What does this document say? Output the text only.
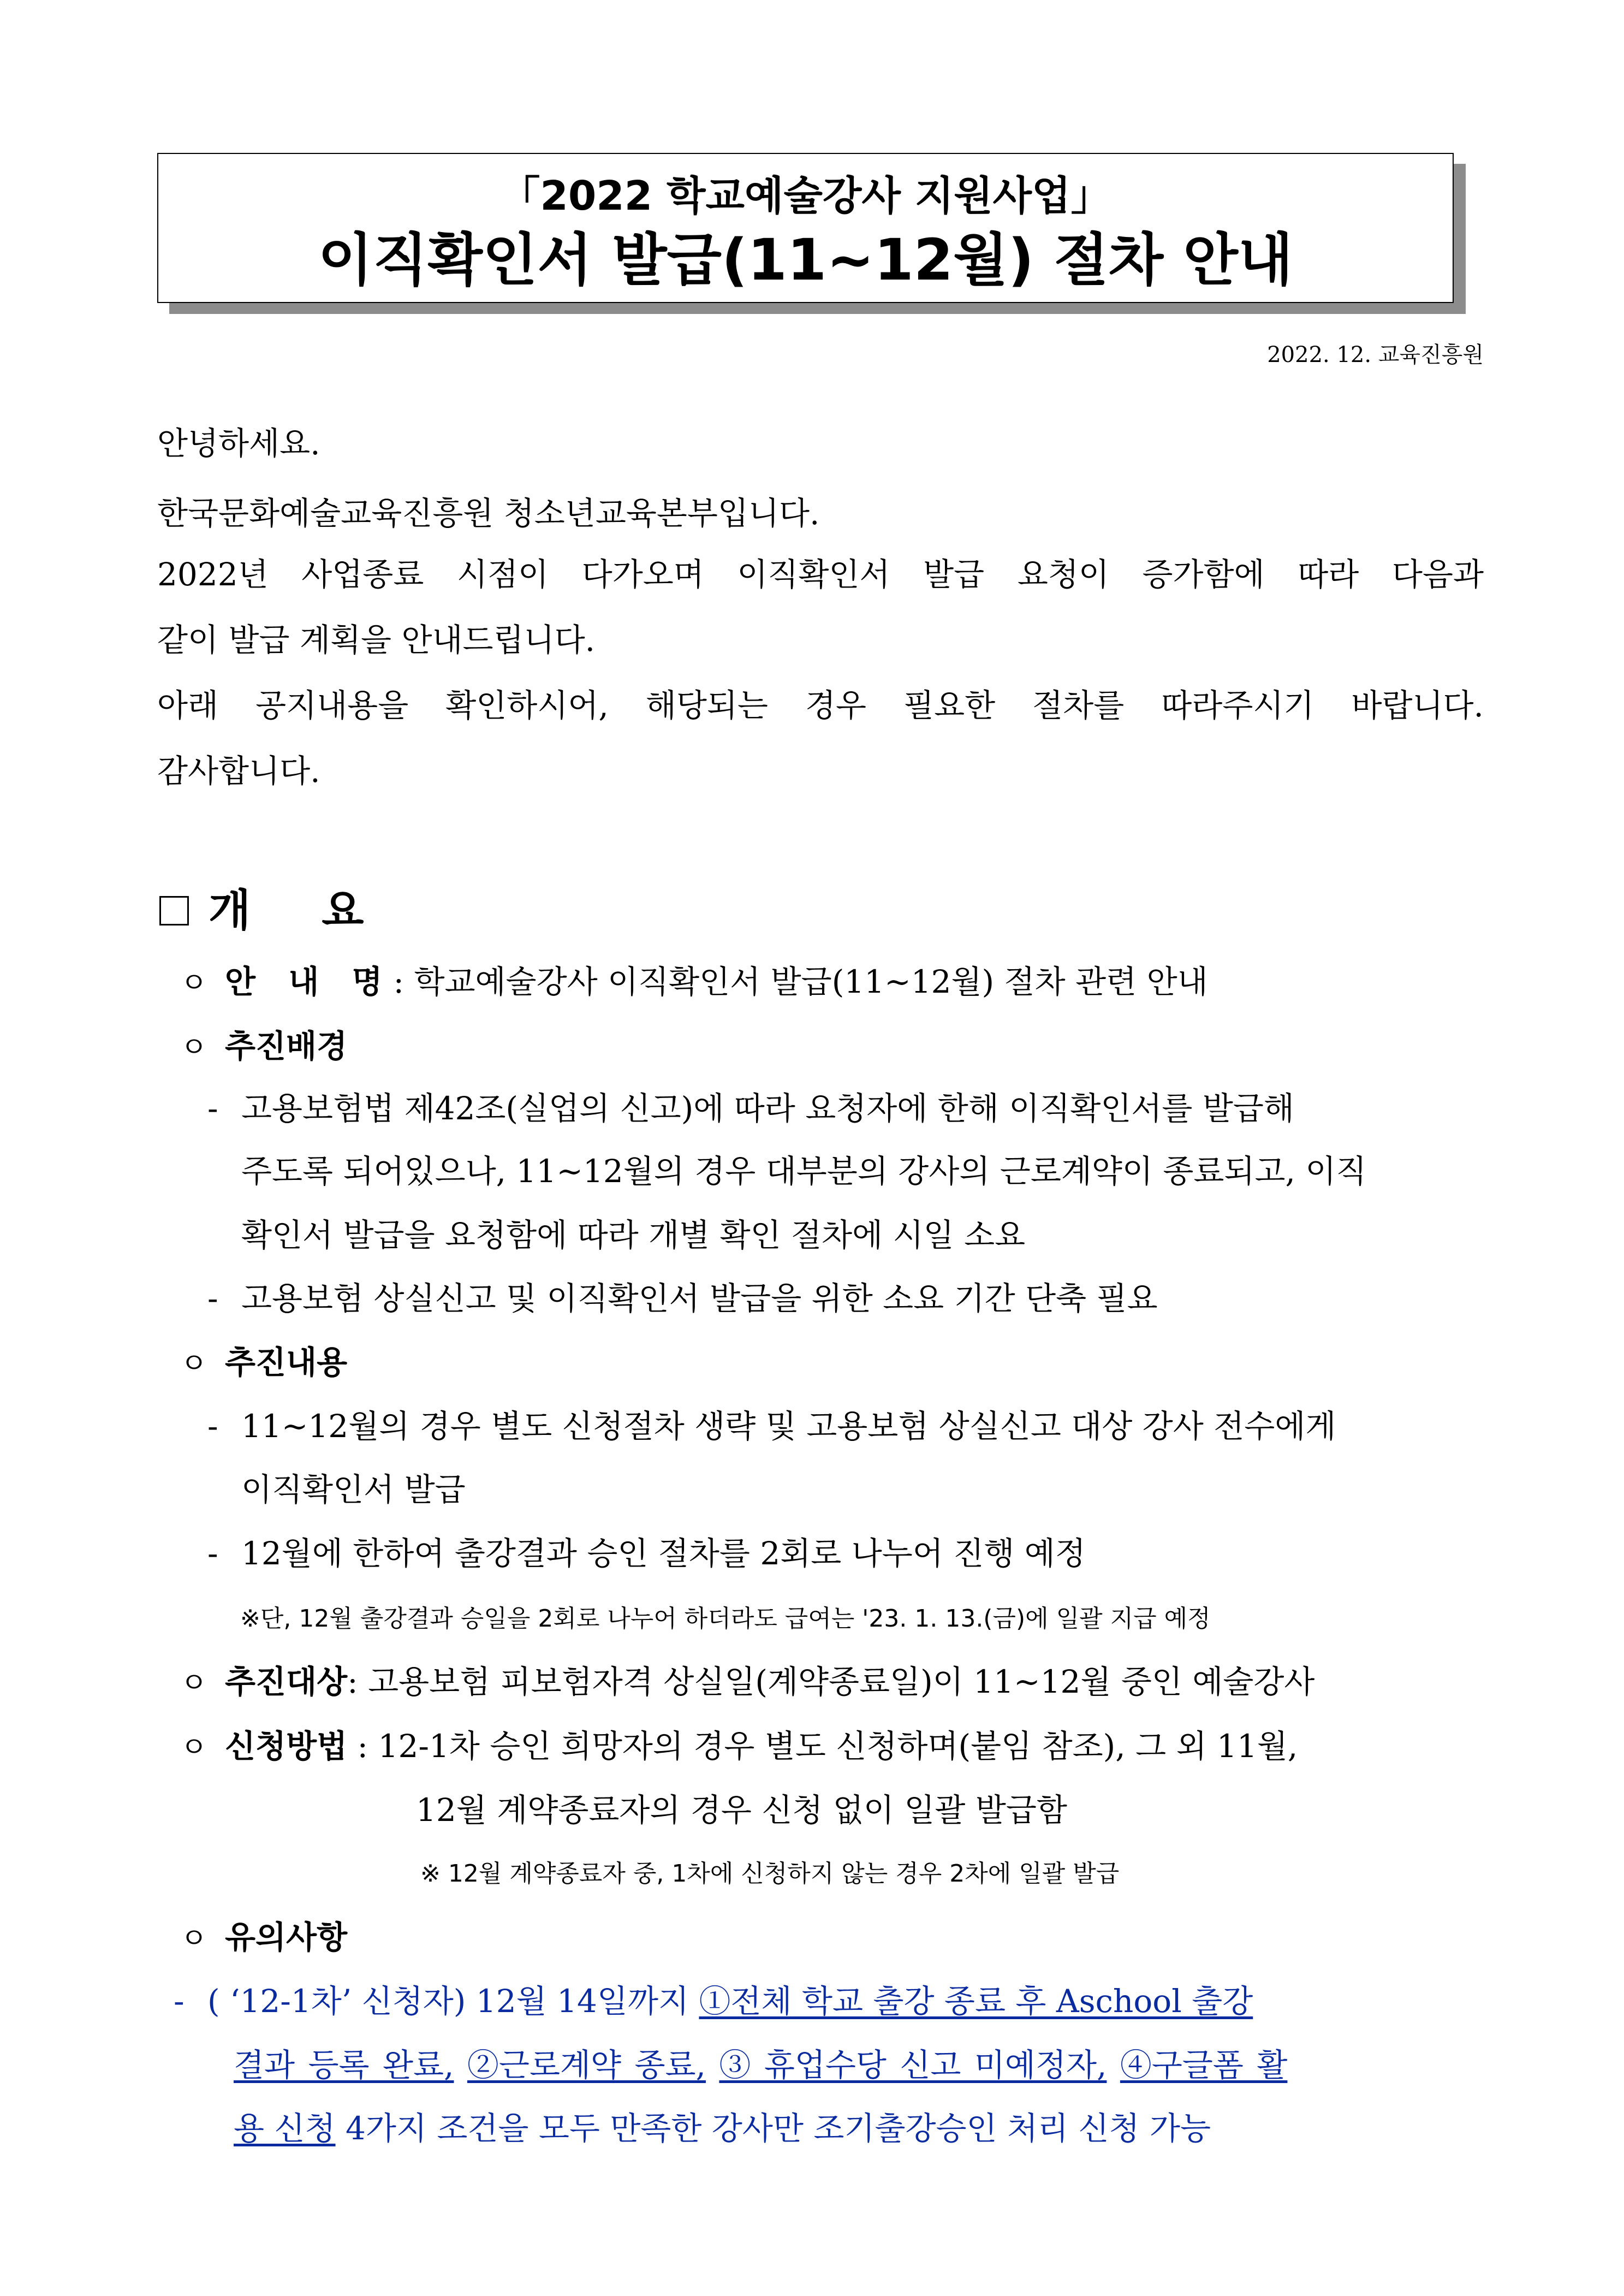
「2022 학교예술강사 지원사업」
이직확인서 발급(11~12월) 절차 안내
2022. 12. 교육진흥원

안녕하세요.

한국문화예술교육진흥원 청소년교육본부입니다.

2022년 사업종료 시점이 다가오며 이직확인서 발급 요청이 증가함에 따라 다음과

같이 발급 계획을 안내드립니다.

아래 공지내용을 확인하시어, 해당되는 경우 필요한 절차를 따라주시기 바랍니다.

감사합니다.

개 요
ㅇ 안 내 명: 학교예술강사 이직확인서 발급(11~12월) 절차 관련 안내
ㅇ 추진배경
- 고용보험법 제42조(실업의 신고)에 따라 요청자에 한해 이직확인서를 발급해
주도록 되어있으나, 11~12월의 경우 대부분의 강사의 근로계약이 종료되고, 이직
확인서 발급을 요청함에 따라 개별 확인 절차에 시일 소요
- 고용보험 상실신고 및 이직확인서 발급을 위한 소요 기간 단축 필요
ㅇ 추진내용
- 11~12월의 경우 별도 신청절차 생략 및 고용보험 상실신고 대상 강사 전수에게
이직확인서 발급
- 12월에 한하여 출강결과 승인 절차를 2회로 나누어 진행 예정
※단, 12월 출강결과 승일을 2회로 나누어 하더라도 급여는 '23. 1. 13.(금)에 일괄 지급 예정
ㅇ 추진대상: 고용보험 피보험자격 상실일(계약종료일)이 11~12월 중인 예술강사
ㅇ 신청방법 : 12-1차 승인 희망자의 경우 별도 신청하며(붙임 참조), 그 외 11월,
12월 계약종료자의 경우 신청 없이 일괄 발급함
※ 12월 계약종료자 중, 1차에 신청하지 않는 경우 2차에 일괄 발급
ㅇ 유의사항
- ( ‘12-1차’ 신청자) 12월 14일까지 ①전체 학교 출강 종료 후 Aschool 출강
결과 등록 완료, ②근로계약 종료, ③ 휴업수당 신고 미예정자, ④구글폼 활
용 신청 4가지 조건을 모두 만족한 강사만 조기출강승인 처리 신청 가능
